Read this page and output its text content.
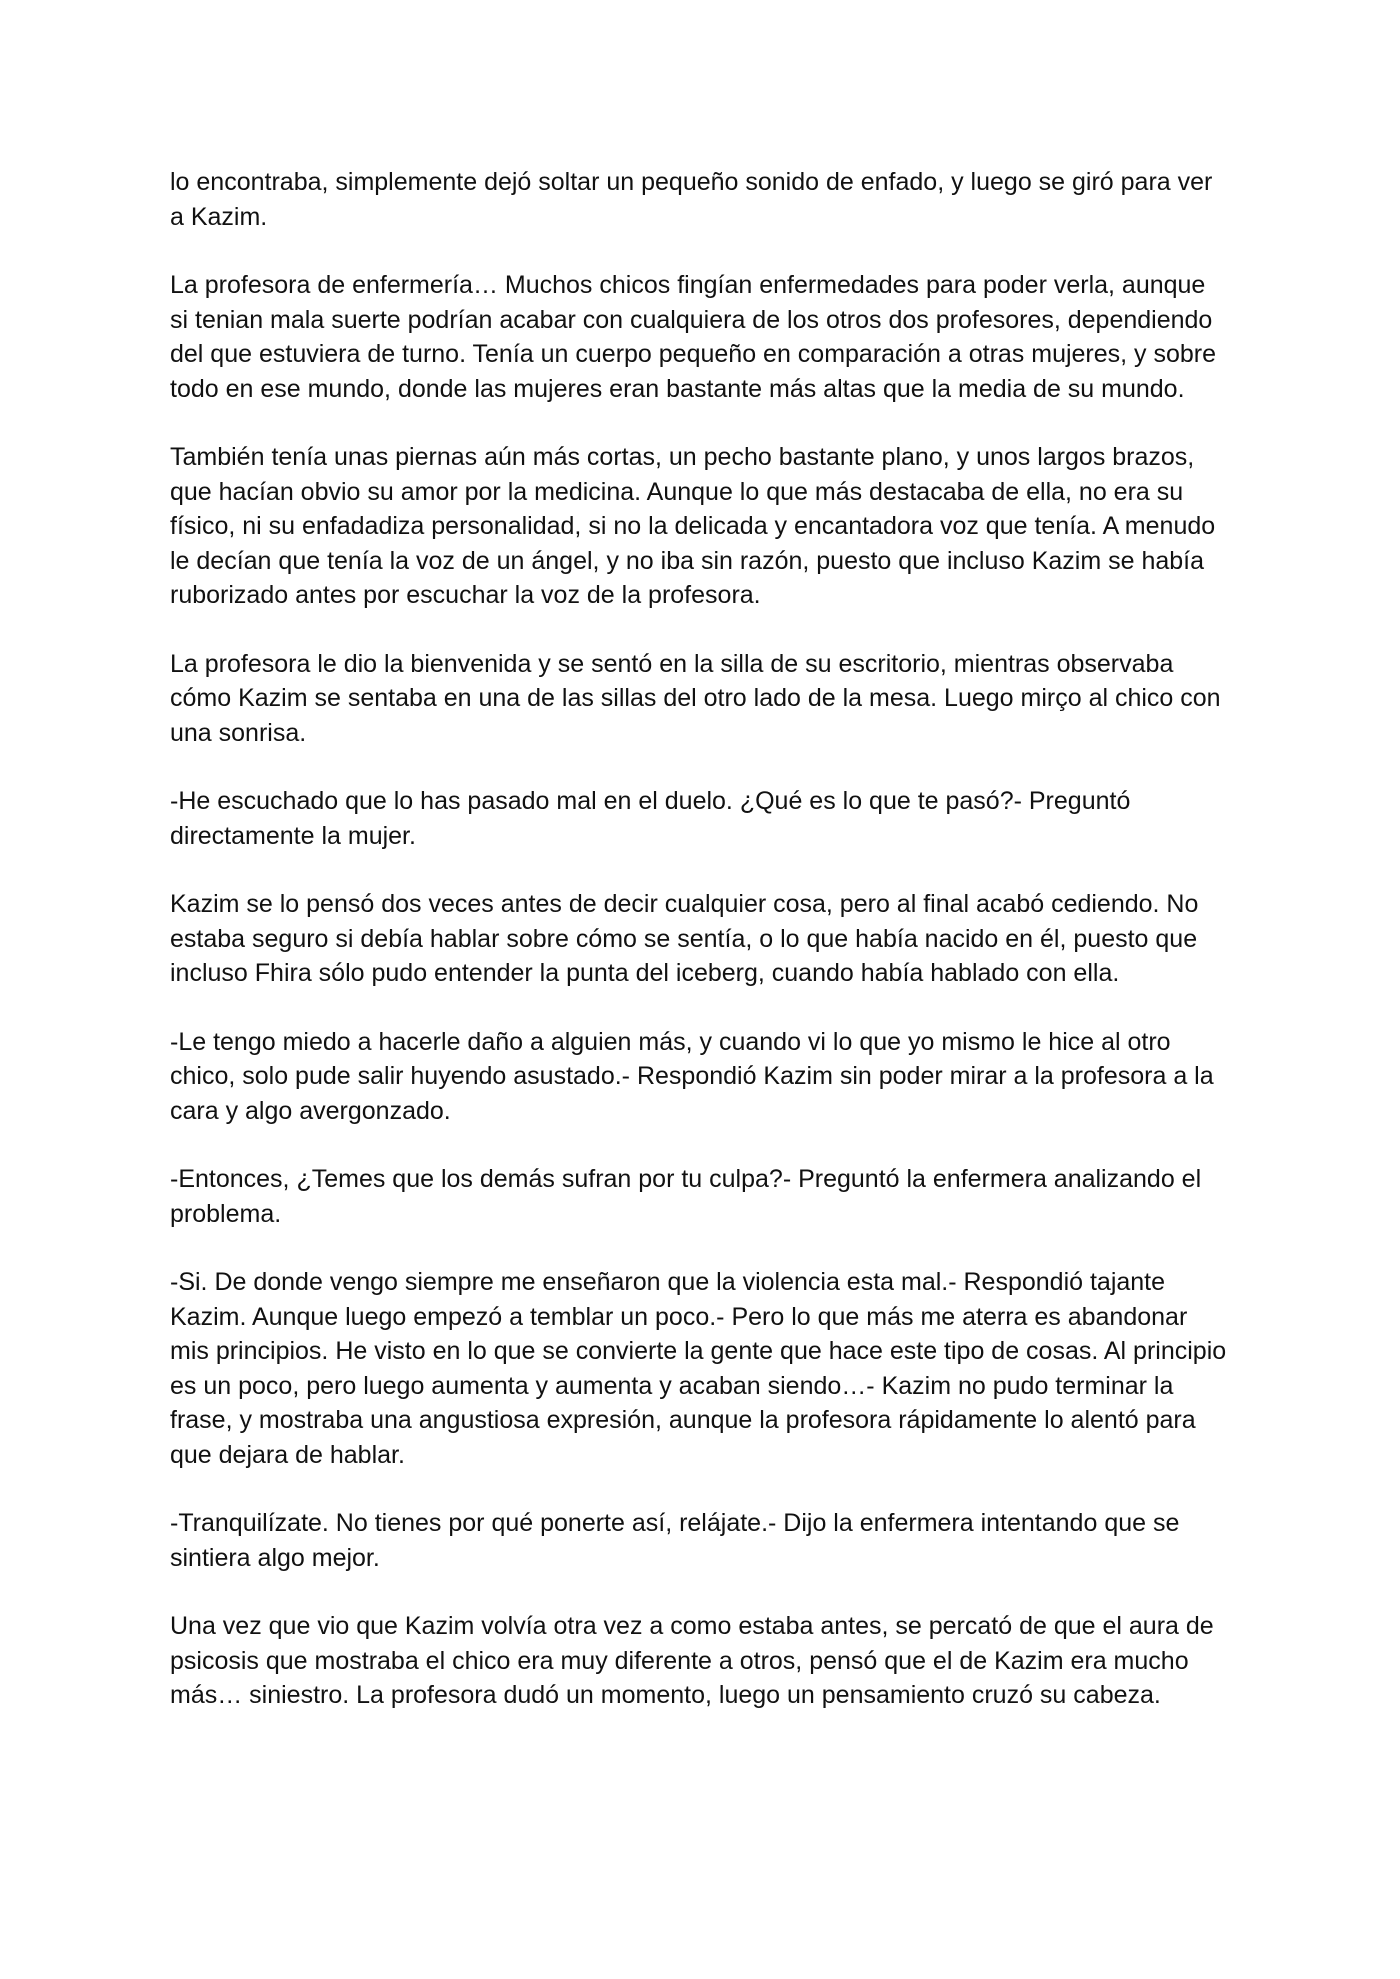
lo encontraba, simplemente dejó soltar un pequeño sonido de enfado, y luego se giró para ver a Kazim.

La profesora de enfermería… Muchos chicos fingían enfermedades para poder verla, aunque si tenian mala suerte podrían acabar con cualquiera de los otros dos profesores, dependiendo del que estuviera de turno. Tenía un cuerpo pequeño en comparación a otras mujeres, y sobre todo en ese mundo, donde las mujeres eran bastante más altas que la media de su mundo.

También tenía unas piernas aún más cortas, un pecho bastante plano, y unos largos brazos, que hacían obvio su amor por la medicina. Aunque lo que más destacaba de ella, no era su físico, ni su enfadadiza personalidad, si no la delicada y encantadora voz que tenía. A menudo le decían que tenía la voz de un ángel, y no iba sin razón, puesto que incluso Kazim se había ruborizado antes por escuchar la voz de la profesora.

La profesora le dio la bienvenida y se sentó en la silla de su escritorio, mientras observaba cómo Kazim se sentaba en una de las sillas del otro lado de la mesa. Luego mirço al chico con una sonrisa.

-He escuchado que lo has pasado mal en el duelo. ¿Qué es lo que te pasó?- Preguntó directamente la mujer.

Kazim se lo pensó dos veces antes de decir cualquier cosa, pero al final acabó cediendo. No estaba seguro si debía hablar sobre cómo se sentía, o lo que había nacido en él, puesto que incluso Fhira sólo pudo entender la punta del iceberg, cuando había hablado con ella.

-Le tengo miedo a hacerle daño a alguien más, y cuando vi lo que yo mismo le hice al otro chico, solo pude salir huyendo asustado.- Respondió Kazim sin poder mirar a la profesora a la cara y algo avergonzado.

-Entonces, ¿Temes que los demás sufran por tu culpa?- Preguntó la enfermera analizando el problema.

-Si. De donde vengo siempre me enseñaron que la violencia esta mal.- Respondió tajante Kazim. Aunque luego empezó a temblar un poco.- Pero lo que más me aterra es abandonar mis principios. He visto en lo que se convierte la gente que hace este tipo de cosas. Al principio es un poco, pero luego aumenta y aumenta y acaban siendo…- Kazim no pudo terminar la frase, y mostraba una angustiosa expresión, aunque la profesora rápidamente lo alentó para que dejara de hablar.

-Tranquilízate. No tienes por qué ponerte así, relájate.- Dijo la enfermera intentando que se sintiera algo mejor.

Una vez que vio que Kazim volvía otra vez a como estaba antes, se percató de que el aura de psicosis que mostraba el chico era muy diferente a otros, pensó que el de Kazim era mucho más… siniestro. La profesora dudó un momento, luego un pensamiento cruzó su cabeza.
